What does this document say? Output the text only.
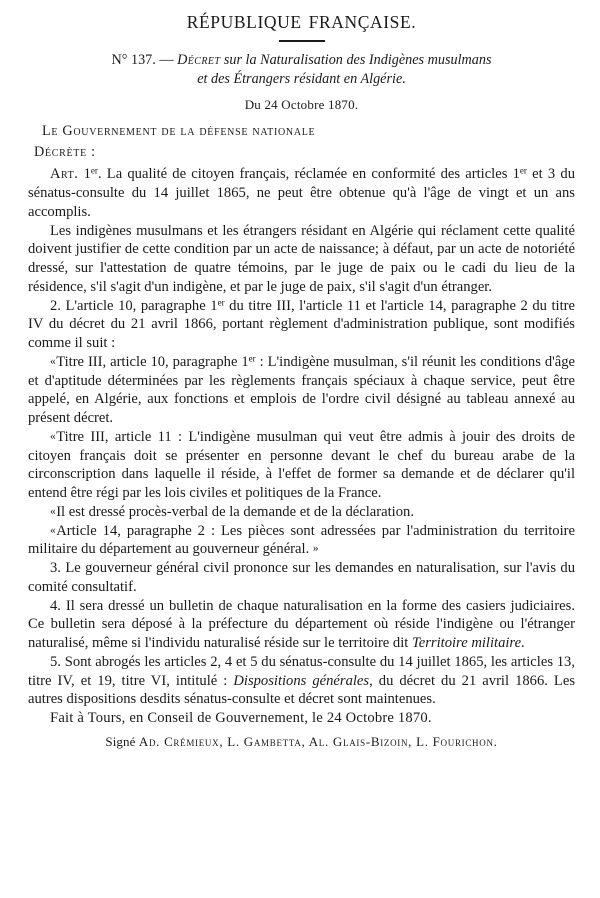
RÉPUBLIQUE FRANÇAISE.
N° 137. — Décret sur la Naturalisation des Indigènes musulmans
et des Étrangers résidant en Algérie.
Du 24 Octobre 1870.
Le Gouvernement de la défense nationale
Décrète :

Art. 1er. La qualité de citoyen français, réclamée en conformité des articles 1er et 3 du sénatus-consulte du 14 juillet 1865, ne peut être obtenue qu'à l'âge de vingt et un ans accomplis.

Les indigènes musulmans et les étrangers résidant en Algérie qui réclament cette qualité doivent justifier de cette condition par un acte de naissance; à défaut, par un acte de notoriété dressé, sur l'attestation de quatre témoins, par le juge de paix ou le cadi du lieu de la résidence, s'il s'agit d'un indigène, et par le juge de paix, s'il s'agit d'un étranger.

2. L'article 10, paragraphe 1er du titre III, l'article 11 et l'article 14, paragraphe 2 du titre IV du décret du 21 avril 1866, portant règlement d'administration publique, sont modifiés comme il suit :

«Titre III, article 10, paragraphe 1er : L'indigène musulman, s'il réunit les conditions d'âge et d'aptitude déterminées par les règlements français spéciaux à chaque service, peut être appelé, en Algérie, aux fonctions et emplois de l'ordre civil désigné au tableau annexé au présent décret.

«Titre III, article 11 : L'indigène musulman qui veut être admis à jouir des droits de citoyen français doit se présenter en personne devant le chef du bureau arabe de la circonscription dans laquelle il réside, à l'effet de former sa demande et de déclarer qu'il entend être régi par les lois civiles et politiques de la France.

«Il est dressé procès-verbal de la demande et de la déclaration.

«Article 14, paragraphe 2 : Les pièces sont adressées par l'administration du territoire militaire du département au gouverneur général. »

3. Le gouverneur général civil prononce sur les demandes en naturalisation, sur l'avis du comité consultatif.

4. Il sera dressé un bulletin de chaque naturalisation en la forme des casiers judiciaires. Ce bulletin sera déposé à la préfecture du département où réside l'indigène ou l'étranger naturalisé, même si l'individu naturalisé réside sur le territoire dit Territoire militaire.

5. Sont abrogés les articles 2, 4 et 5 du sénatus-consulte du 14 juillet 1865, les articles 13, titre IV, et 19, titre VI, intitulé : Dispositions générales, du décret du 21 avril 1866. Les autres dispositions desdits sénatus-consulte et décret sont maintenues.

Fait à Tours, en Conseil de Gouvernement, le 24 Octobre 1870.

Signé Ad. Crémieux, L. Gambetta, Al. Glais-Bizoin, L. Fourichon.
